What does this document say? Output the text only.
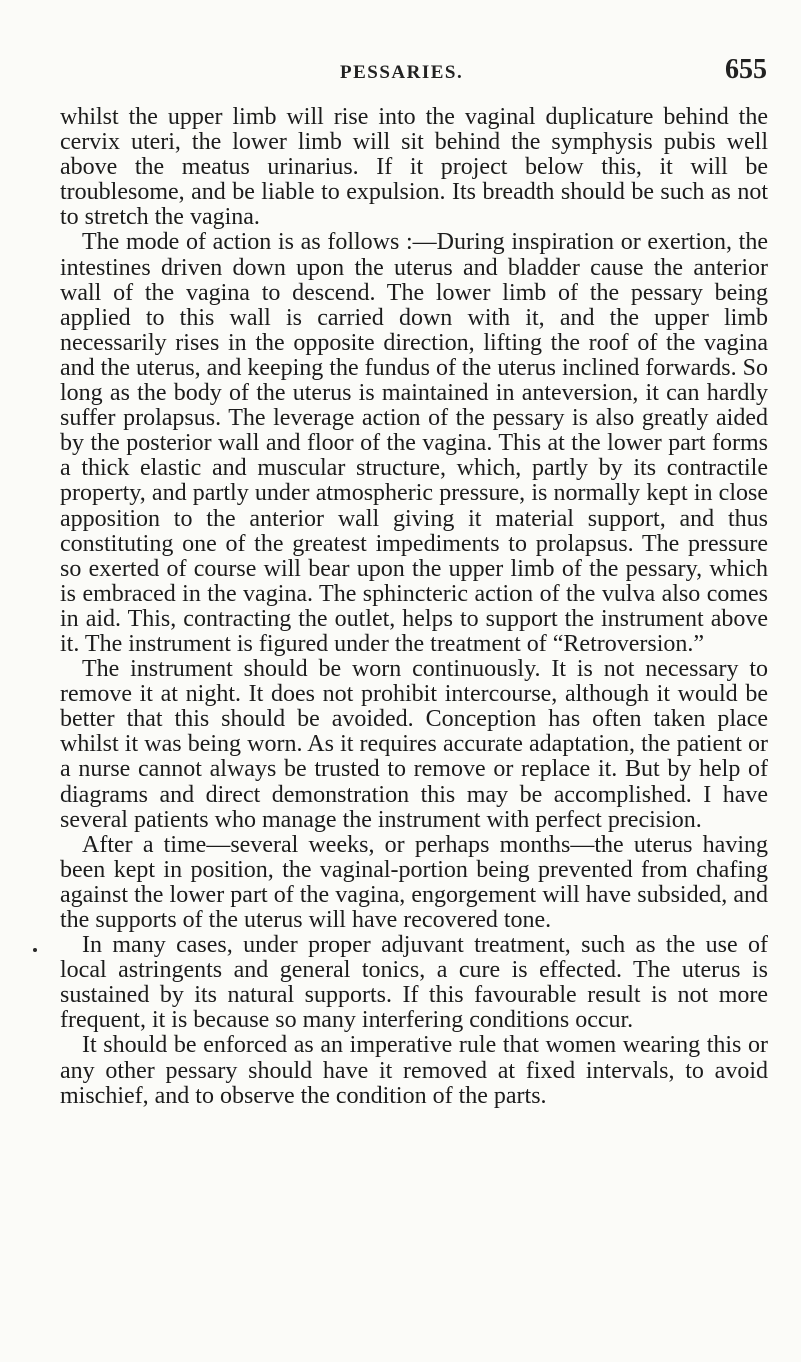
PESSARIES.	655

whilst the upper limb will rise into the vaginal duplicature behind the cervix uteri, the lower limb will sit behind the symphysis pubis well above the meatus urinarius. If it project below this, it will be troublesome, and be liable to expulsion. Its breadth should be such as not to stretch the vagina.

The mode of action is as follows :—During inspiration or exertion, the intestines driven down upon the uterus and bladder cause the anterior wall of the vagina to descend. The lower limb of the pessary being applied to this wall is carried down with it, and the upper limb necessarily rises in the opposite direction, lifting the roof of the vagina and the uterus, and keeping the fundus of the uterus inclined forwards. So long as the body of the uterus is maintained in anteversion, it can hardly suffer prolapsus. The leverage action of the pessary is also greatly aided by the posterior wall and floor of the vagina. This at the lower part forms a thick elastic and muscular structure, which, partly by its contractile property, and partly under atmospheric pressure, is normally kept in close apposition to the anterior wall giving it material support, and thus constituting one of the greatest impediments to prolapsus. The pressure so exerted of course will bear upon the upper limb of the pessary, which is embraced in the vagina. The sphincteric action of the vulva also comes in aid. This, contracting the outlet, helps to support the instrument above it. The instrument is figured under the treatment of “Retroversion.”

The instrument should be worn continuously. It is not necessary to remove it at night. It does not prohibit intercourse, although it would be better that this should be avoided. Conception has often taken place whilst it was being worn. As it requires accurate adaptation, the patient or a nurse cannot always be trusted to remove or replace it. But by help of diagrams and direct demonstration this may be accomplished. I have several patients who manage the instrument with perfect precision.

After a time—several weeks, or perhaps months—the uterus having been kept in position, the vaginal-portion being prevented from chafing against the lower part of the vagina, engorgement will have subsided, and the supports of the uterus will have recovered tone.

In many cases, under proper adjuvant treatment, such as the use of local astringents and general tonics, a cure is effected. The uterus is sustained by its natural supports. If this favourable result is not more frequent, it is because so many interfering conditions occur.

It should be enforced as an imperative rule that women wearing this or any other pessary should have it removed at fixed intervals, to avoid mischief, and to observe the condition of the parts.
